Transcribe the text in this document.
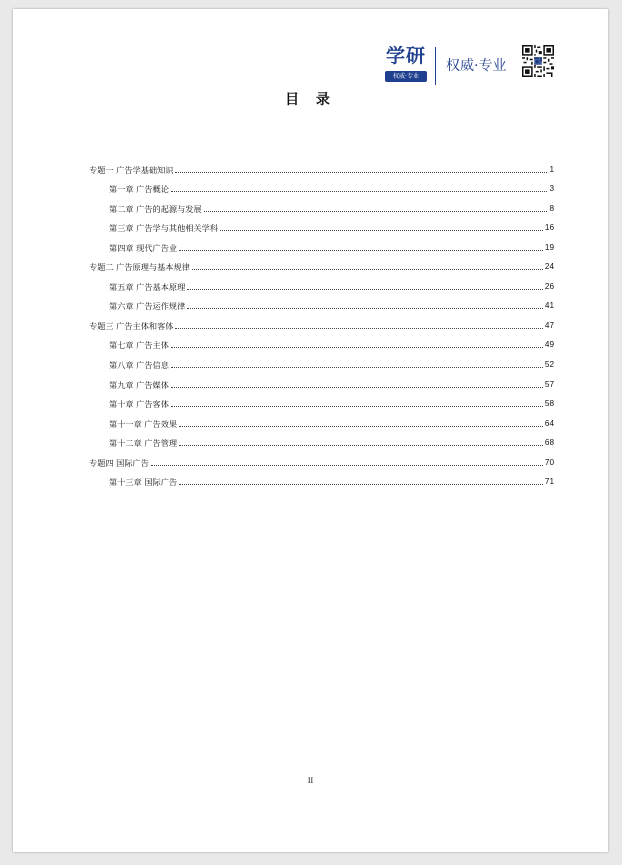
学研
权威·专业
权威·专业
目 录
专题一 广告学基础知识	1
第一章 广告概论	3
第二章 广告的起源与发展	8
第三章 广告学与其他相关学科	16
第四章 现代广告业	19
专题二 广告原理与基本规律	24
第五章 广告基本原理	26
第六章 广告运作规律	41
专题三 广告主体和客体	47
第七章 广告主体	49
第八章 广告信息	52
第九章 广告媒体	57
第十章 广告客体	58
第十一章 广告效果	64
第十二章 广告管理	68
专题四 国际广告	70
第十三章 国际广告	71
II
